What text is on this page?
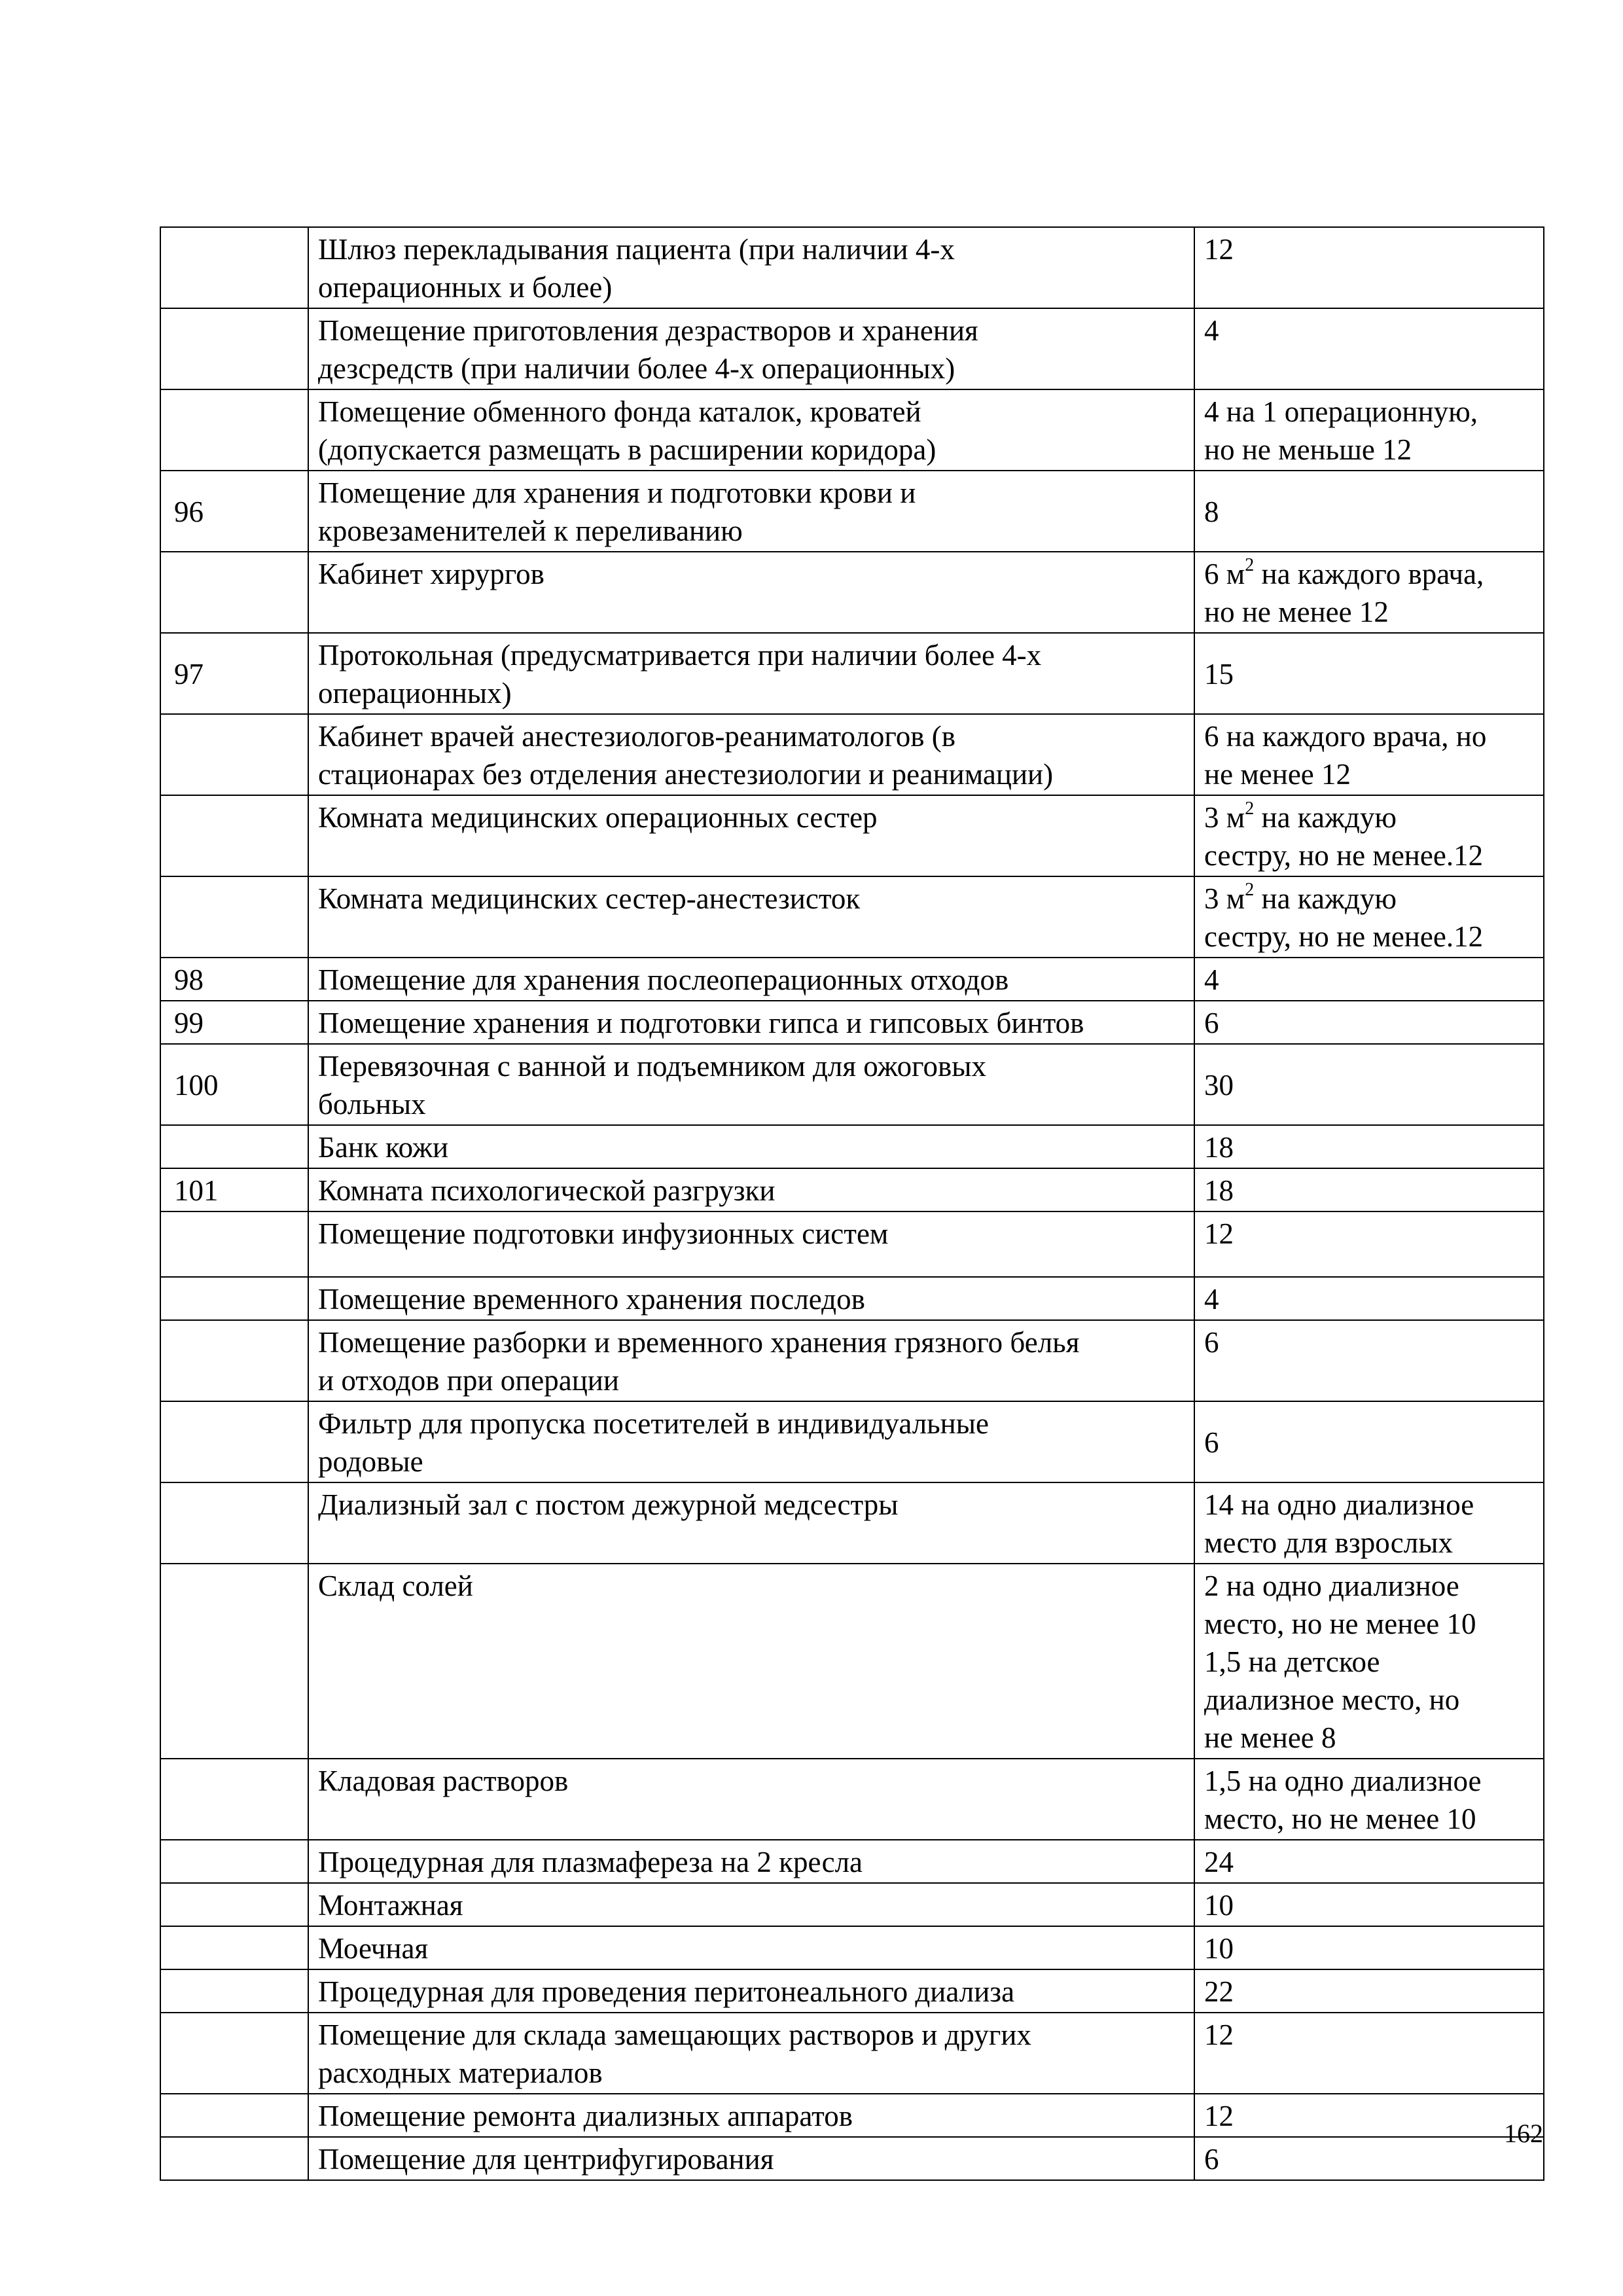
	Шлюз перекладывания пациента (при наличии 4-х
операционных и более)	12

	Помещение приготовления дезрастворов и хранения
дезсредств (при наличии более 4-х операционных)	4

	Помещение обменного фонда каталок, кроватей
(допускается размещать в расширении коридора)	4 на 1 операционную,
но не меньше 12

96	Помещение для хранения и подготовки крови и
кровезаменителей к переливанию	8

	Кабинет хирургов	6 $м^2$ на каждого врача,
но не менее 12

97	Протокольная (предусматривается при наличии более 4-х
операционных)	15

	Кабинет врачей анестезиологов-реаниматологов (в
стационарах без отделения анестезиологии и реанимации)	6 на каждого врача, но
не менее 12

	Комната медицинских операционных сестер	3 $м^2$ на каждую
сестру, но не менее.12

	Комната медицинских сестер-анестезисток	3 $м^2$ на каждую
сестру, но не менее.12

98	Помещение для хранения послеоперационных отходов	4

99	Помещение хранения и подготовки гипса и гипсовых бинтов	6

100	Перевязочная с ванной и подъемником для ожоговых
больных	30

	Банк кожи	18

101	Комната психологической разгрузки	18

	Помещение подготовки инфузионных систем	12

	Помещение временного хранения последов	4

	Помещение разборки и временного хранения грязного белья
и отходов при операции	6

	Фильтр для пропуска посетителей в индивидуальные
родовые	6

	Диализный зал с постом дежурной медсестры	14 на одно диализное
место для взрослых

	Склад солей	2 на одно диализное
место, но не менее 10
1,5 на детское
диализное место, но
не менее 8

	Кладовая растворов	1,5 на одно диализное
место, но не менее 10

	Процедурная для плазмафереза на 2 кресла	24

	Монтажная	10

	Моечная	10

	Процедурная для проведения перитонеального диализа	22

	Помещение для склада замещающих растворов и других
расходных материалов	12

	Помещение ремонта диализных аппаратов	12

	Помещение для центрифугирования	6
162
